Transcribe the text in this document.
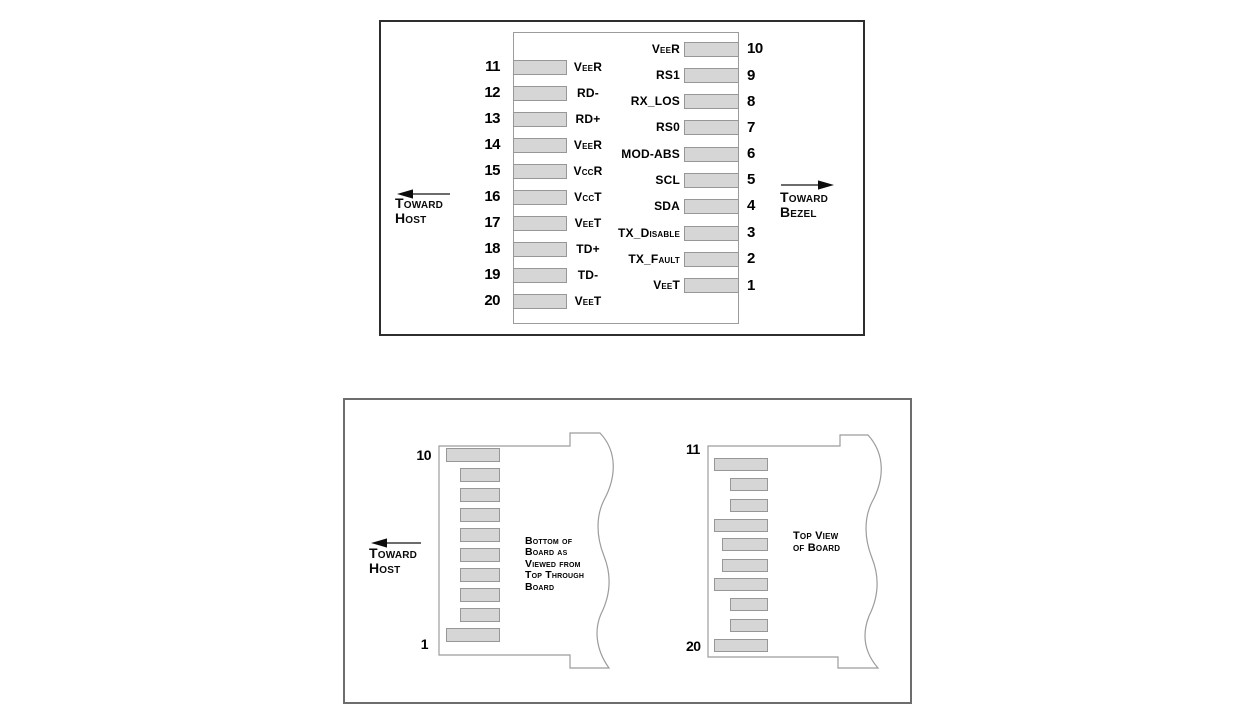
Toward
Host
Toward
Bezel
11	VeeR
12	RD-
13	RD+
14	VeeR
15	VccR
16	VccT
17	VeeT
18	TD+
19	TD-
20	VeeT
VeeR	10
RS1	9
RX_LOS	8
RS0	7
MOD-ABS	6
SCL	5
SDA	4
TX_Disable	3
TX_Fault	2
VeeT	1
Toward
Host
10
1
Bottom of
Board as
Viewed from
Top Through
Board
11
20
Top View
of Board
